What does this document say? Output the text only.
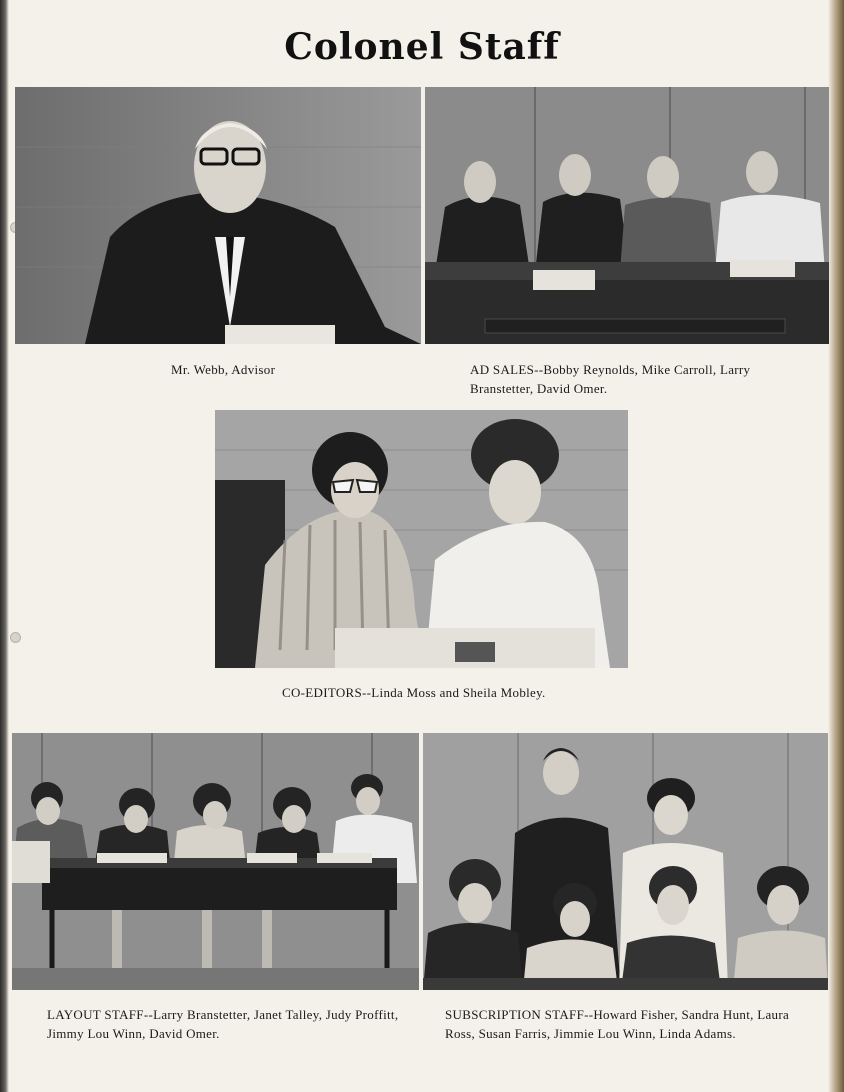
Colonel Staff
Mr. Webb, Advisor	AD SALES--Bobby Reynolds, Mike Carroll, Larry Branstetter, David Omer.
CO-EDITORS--Linda Moss and Sheila Mobley.
LAYOUT STAFF--Larry Branstetter, Janet Talley, Judy Proffitt, Jimmy Lou Winn, David Omer.
SUBSCRIPTION STAFF--Howard Fisher, Sandra Hunt, Laura Ross, Susan Farris, Jimmie Lou Winn, Linda Adams.
